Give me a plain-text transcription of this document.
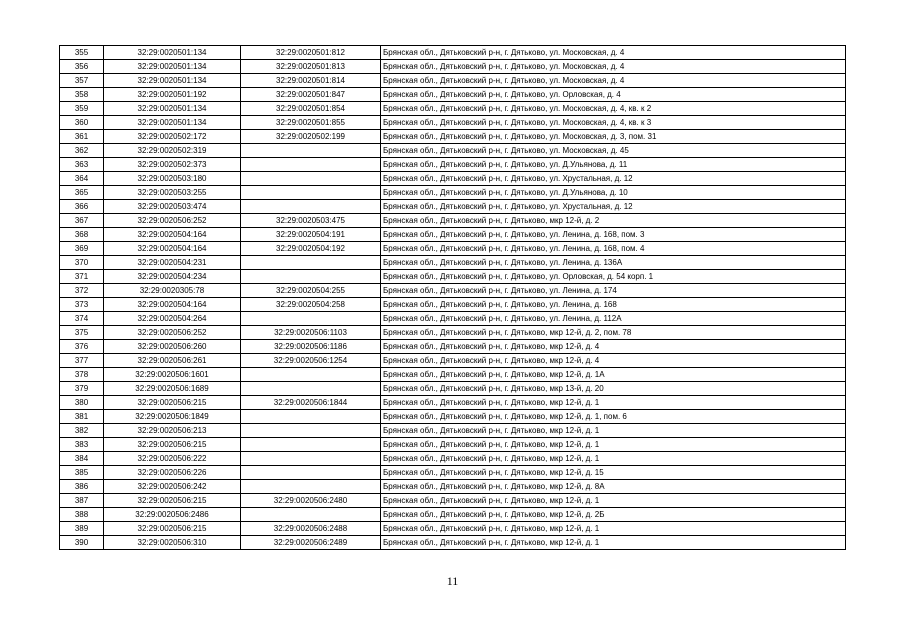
355	32:29:0020501:134	32:29:0020501:812	Брянская обл., Дятьковский р-н, г. Дятьково, ул. Московская, д. 4
356	32:29:0020501:134	32:29:0020501:813	Брянская обл., Дятьковский р-н, г. Дятьково, ул. Московская, д. 4
357	32:29:0020501:134	32:29:0020501:814	Брянская обл., Дятьковский р-н, г. Дятьково, ул. Московская, д. 4
358	32:29:0020501:192	32:29:0020501:847	Брянская обл., Дятьковский р-н, г. Дятьково, ул. Орловская, д. 4
359	32:29:0020501:134	32:29:0020501:854	Брянская обл., Дятьковский р-н, г. Дятьково, ул. Московская, д. 4, кв. к 2
360	32:29:0020501:134	32:29:0020501:855	Брянская обл., Дятьковский р-н, г. Дятьково, ул. Московская, д. 4, кв. к 3
361	32:29:0020502:172	32:29:0020502:199	Брянская обл., Дятьковский р-н, г. Дятьково, ул. Московская, д. 3, пом. 31
362	32:29:0020502:319		Брянская обл., Дятьковский р-н, г. Дятьково, ул. Московская, д. 45
363	32:29:0020502:373		Брянская обл., Дятьковский р-н, г. Дятьково, ул. Д.Ульянова, д. 11
364	32:29:0020503:180		Брянская обл., Дятьковский р-н, г. Дятьково, ул. Хрустальная, д. 12
365	32:29:0020503:255		Брянская обл., Дятьковский р-н, г. Дятьково, ул. Д.Ульянова, д. 10
366	32:29:0020503:474		Брянская обл., Дятьковский р-н, г. Дятьково, ул. Хрустальная, д. 12
367	32:29:0020506:252	32:29:0020503:475	Брянская обл., Дятьковский р-н, г. Дятьково, мкр 12-й, д. 2
368	32:29:0020504:164	32:29:0020504:191	Брянская обл., Дятьковский р-н, г. Дятьково, ул. Ленина, д. 168, пом. 3
369	32:29:0020504:164	32:29:0020504:192	Брянская обл., Дятьковский р-н, г. Дятьково, ул. Ленина, д. 168, пом. 4
370	32:29:0020504:231		Брянская обл., Дятьковский р-н, г. Дятьково, ул. Ленина, д. 136А
371	32:29:0020504:234		Брянская обл., Дятьковский р-н, г. Дятьково, ул. Орловская, д. 54 корп. 1
372	32:29:0020305:78	32:29:0020504:255	Брянская обл., Дятьковский р-н, г. Дятьково, ул. Ленина, д. 174
373	32:29:0020504:164	32:29:0020504:258	Брянская обл., Дятьковский р-н, г. Дятьково, ул. Ленина, д. 168
374	32:29:0020504:264		Брянская обл., Дятьковский р-н, г. Дятьково, ул. Ленина, д. 112А
375	32:29:0020506:252	32:29:0020506:1103	Брянская обл., Дятьковский р-н, г. Дятьково, мкр 12-й, д. 2, пом. 78
376	32:29:0020506:260	32:29:0020506:1186	Брянская обл., Дятьковский р-н, г. Дятьково, мкр 12-й, д. 4
377	32:29:0020506:261	32:29:0020506:1254	Брянская обл., Дятьковский р-н, г. Дятьково, мкр 12-й, д. 4
378	32:29:0020506:1601		Брянская обл., Дятьковский р-н, г. Дятьково, мкр 12-й, д. 1А
379	32:29:0020506:1689		Брянская обл., Дятьковский р-н, г. Дятьково, мкр 13-й, д. 20
380	32:29:0020506:215	32:29:0020506:1844	Брянская обл., Дятьковский р-н, г. Дятьково, мкр 12-й, д. 1
381	32:29:0020506:1849		Брянская обл., Дятьковский р-н, г. Дятьково, мкр 12-й, д. 1, пом. 6
382	32:29:0020506:213		Брянская обл., Дятьковский р-н, г. Дятьково, мкр 12-й, д. 1
383	32:29:0020506:215		Брянская обл., Дятьковский р-н, г. Дятьково, мкр 12-й, д. 1
384	32:29:0020506:222		Брянская обл., Дятьковский р-н, г. Дятьково, мкр 12-й, д. 1
385	32:29:0020506:226		Брянская обл., Дятьковский р-н, г. Дятьково, мкр 12-й, д. 15
386	32:29:0020506:242		Брянская обл., Дятьковский р-н, г. Дятьково, мкр 12-й, д. 8А
387	32:29:0020506:215	32:29:0020506:2480	Брянская обл., Дятьковский р-н, г. Дятьково, мкр 12-й, д. 1
388	32:29:0020506:2486		Брянская обл., Дятьковский р-н, г. Дятьково, мкр 12-й, д. 2Б
389	32:29:0020506:215	32:29:0020506:2488	Брянская обл., Дятьковский р-н, г. Дятьково, мкр 12-й, д. 1
390	32:29:0020506:310	32:29:0020506:2489	Брянская обл., Дятьковский р-н, г. Дятьково, мкр 12-й, д. 1
11
